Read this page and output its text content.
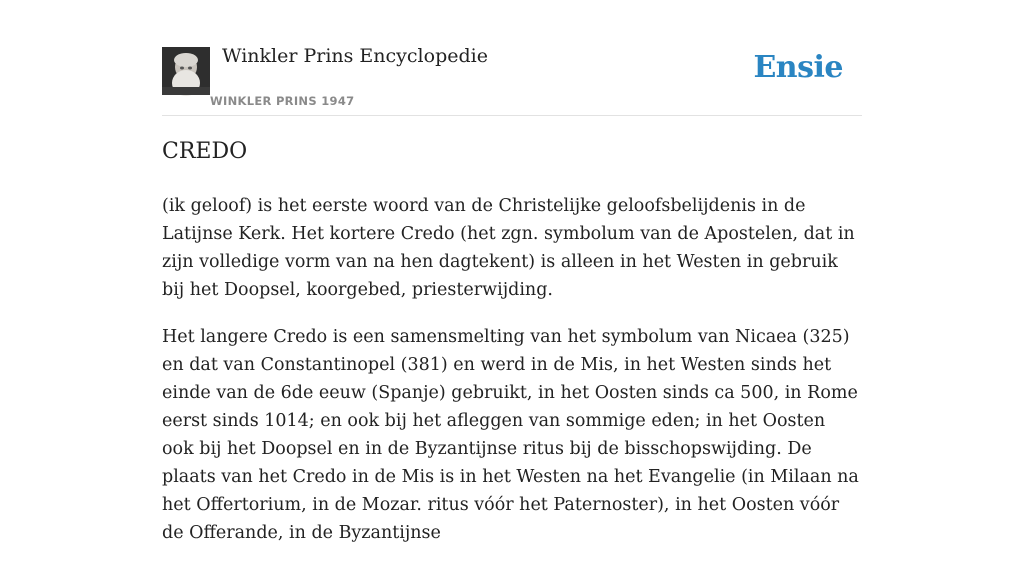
Winkler Prins Encyclopedie
WINKLER PRINS 1947
Ensie
CREDO

(ik geloof) is het eerste woord van de Christelijke geloofsbelijdenis in de Latijnse Kerk. Het kortere Credo (het zgn. symbolum van de Apostelen, dat in zijn volledige vorm van na hen dagtekent) is alleen in het Westen in gebruik bij het Doopsel, koorgebed, priesterwijding.

Het langere Credo is een samensmelting van het symbolum van Nicaea (325) en dat van Constantinopel (381) en werd in de Mis, in het Westen sinds het einde van de 6de eeuw (Spanje) gebruikt, in het Oosten sinds ca 500, in Rome eerst sinds 1014; en ook bij het afleggen van sommige eden; in het Oosten ook bij het Doopsel en in de Byzantijnse ritus bij de bisschopswijding. De plaats van het Credo in de Mis is in het Westen na het Evangelie (in Milaan na het Offertorium, in de Mozar. ritus vóór het Paternoster), in het Oosten vóór de Offerande, in de Byzantijnse
